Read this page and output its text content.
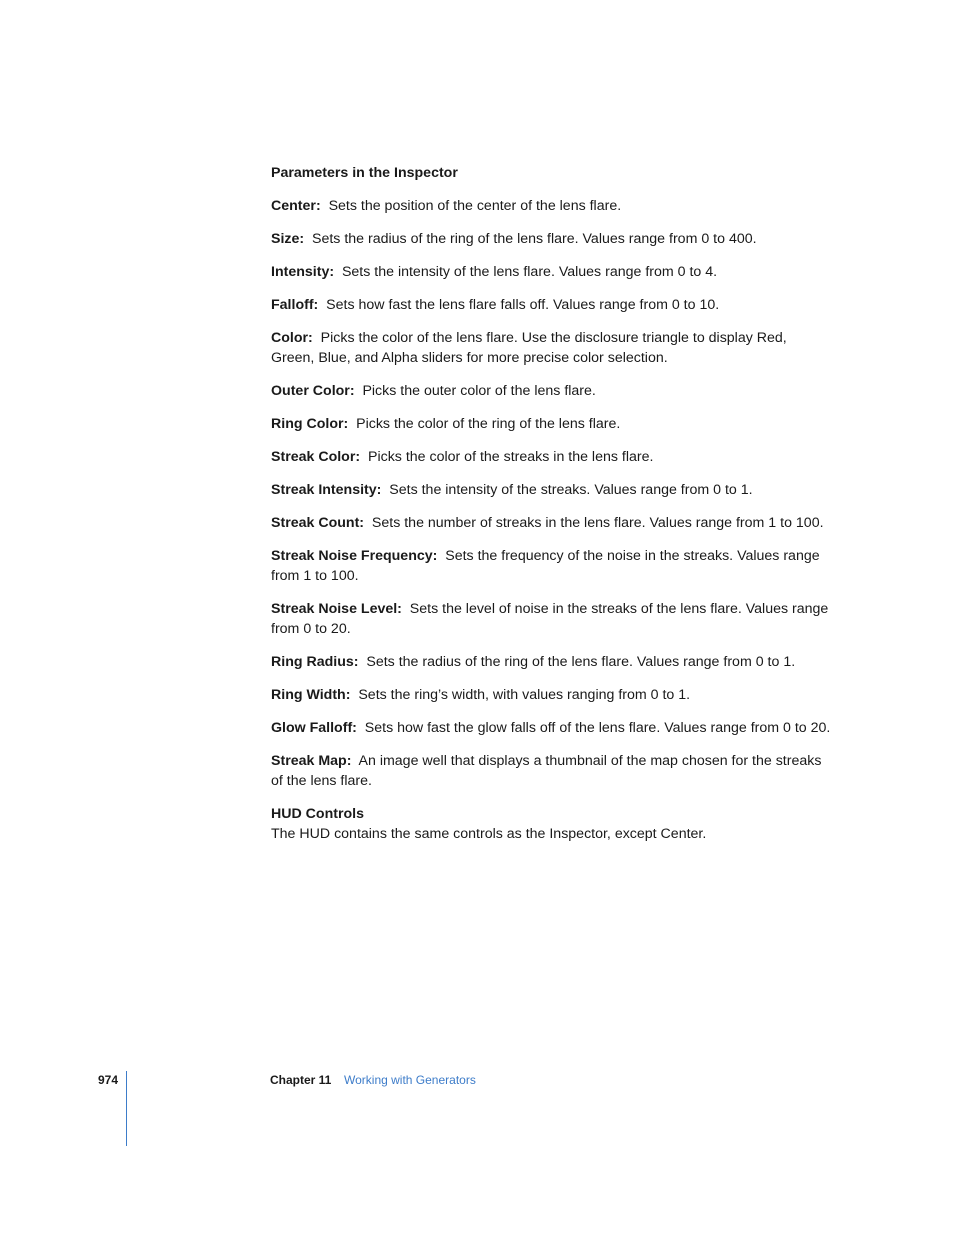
Parameters in the Inspector

Center: Sets the position of the center of the lens flare.

Size: Sets the radius of the ring of the lens flare. Values range from 0 to 400.

Intensity: Sets the intensity of the lens flare. Values range from 0 to 4.

Falloff: Sets how fast the lens flare falls off. Values range from 0 to 10.

Color: Picks the color of the lens flare. Use the disclosure triangle to display Red, Green, Blue, and Alpha sliders for more precise color selection.

Outer Color: Picks the outer color of the lens flare.

Ring Color: Picks the color of the ring of the lens flare.

Streak Color: Picks the color of the streaks in the lens flare.

Streak Intensity: Sets the intensity of the streaks. Values range from 0 to 1.

Streak Count: Sets the number of streaks in the lens flare. Values range from 1 to 100.

Streak Noise Frequency: Sets the frequency of the noise in the streaks. Values range from 1 to 100.

Streak Noise Level: Sets the level of noise in the streaks of the lens flare. Values range from 0 to 20.

Ring Radius: Sets the radius of the ring of the lens flare. Values range from 0 to 1.

Ring Width: Sets the ring’s width, with values ranging from 0 to 1.

Glow Falloff: Sets how fast the glow falls off of the lens flare. Values range from 0 to 20.

Streak Map: An image well that displays a thumbnail of the map chosen for the streaks of the lens flare.

HUD Controls

The HUD contains the same controls as the Inspector, except Center.

974	Chapter 11 Working with Generators
